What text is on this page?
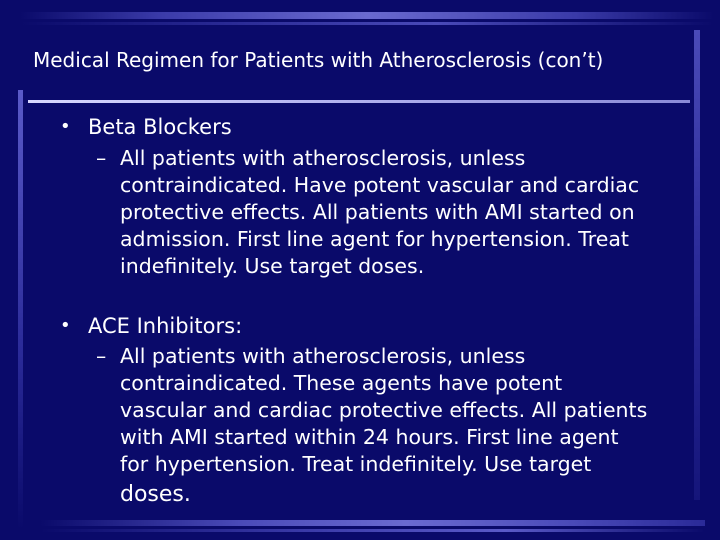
Medical Regimen for Patients with Atherosclerosis (con’t)
• Beta Blockers
– All patients with atherosclerosis, unless
contraindicated. Have potent vascular and cardiac
protective effects. All patients with AMI started on
admission. First line agent for hypertension. Treat
indefinitely. Use target doses.
• ACE Inhibitors:
– All patients with atherosclerosis, unless
contraindicated. These agents have potent
vascular and cardiac protective effects. All patients
with AMI started within 24 hours. First line agent
for hypertension. Treat indefinitely. Use target
doses.
